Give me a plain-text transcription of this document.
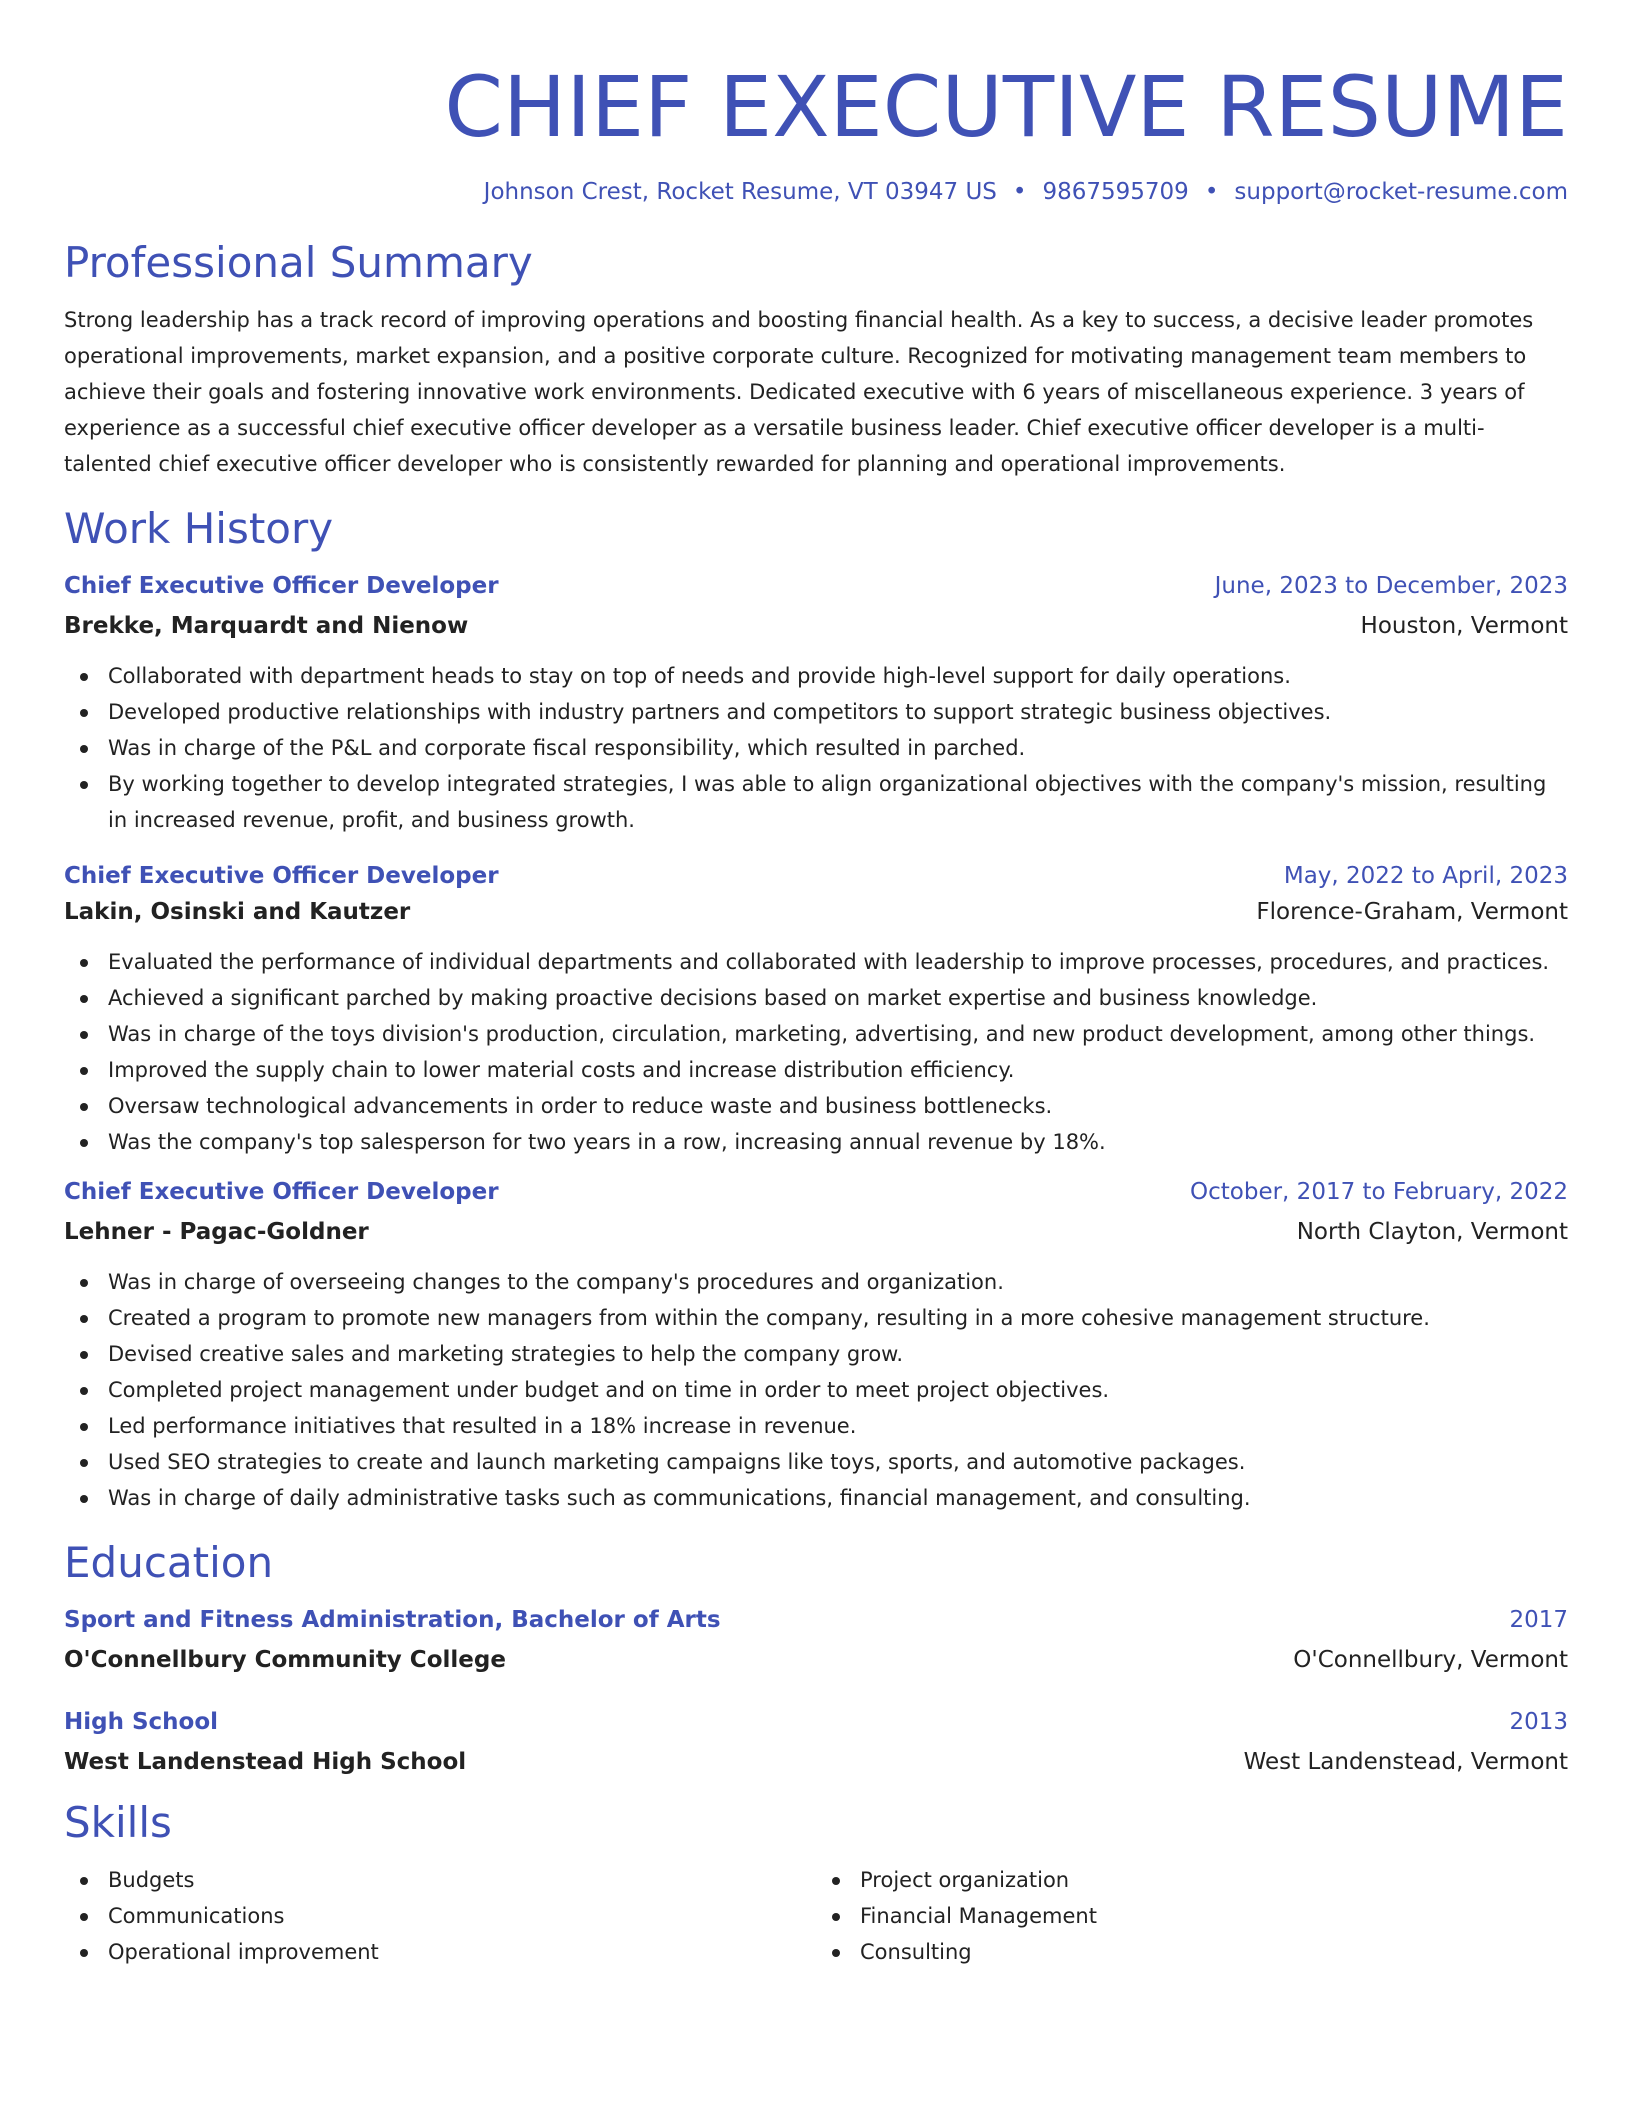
CHIEF EXECUTIVE RESUME
Johnson Crest, Rocket Resume, VT 03947 US • 9867595709 • support@rocket-resume.com
Professional Summary

Strong leadership has a track record of improving operations and boosting financial health. As a key to success, a decisive leader promotes operational improvements, market expansion, and a positive corporate culture. Recognized for motivating management team members to achieve their goals and fostering innovative work environments. Dedicated executive with 6 years of miscellaneous experience. 3 years of experience as a successful chief executive officer developer as a versatile business leader. Chief executive officer developer is a multi-talented chief executive officer developer who is consistently rewarded for planning and operational improvements.

Work History
Chief Executive Officer Developer	June, 2023 to December, 2023
Brekke, Marquardt and Nienow	Houston, Vermont
Collaborated with department heads to stay on top of needs and provide high-level support for daily operations.
Developed productive relationships with industry partners and competitors to support strategic business objectives.
Was in charge of the P&L and corporate fiscal responsibility, which resulted in parched.
By working together to develop integrated strategies, I was able to align organizational objectives with the company's mission, resulting in increased revenue, profit, and business growth.
Chief Executive Officer Developer	May, 2022 to April, 2023
Lakin, Osinski and Kautzer	Florence-Graham, Vermont
Evaluated the performance of individual departments and collaborated with leadership to improve processes, procedures, and practices.
Achieved a significant parched by making proactive decisions based on market expertise and business knowledge.
Was in charge of the toys division's production, circulation, marketing, advertising, and new product development, among other things.
Improved the supply chain to lower material costs and increase distribution efficiency.
Oversaw technological advancements in order to reduce waste and business bottlenecks.
Was the company's top salesperson for two years in a row, increasing annual revenue by 18%.
Chief Executive Officer Developer	October, 2017 to February, 2022
Lehner - Pagac-Goldner	North Clayton, Vermont
Was in charge of overseeing changes to the company's procedures and organization.
Created a program to promote new managers from within the company, resulting in a more cohesive management structure.
Devised creative sales and marketing strategies to help the company grow.
Completed project management under budget and on time in order to meet project objectives.
Led performance initiatives that resulted in a 18% increase in revenue.
Used SEO strategies to create and launch marketing campaigns like toys, sports, and automotive packages.
Was in charge of daily administrative tasks such as communications, financial management, and consulting.
Education
Sport and Fitness Administration, Bachelor of Arts	2017
O'Connellbury Community College	O'Connellbury, Vermont
High School	2013
West Landenstead High School	West Landenstead, Vermont
Skills
Budgets
Communications
Operational improvement
Project organization
Financial Management
Consulting
